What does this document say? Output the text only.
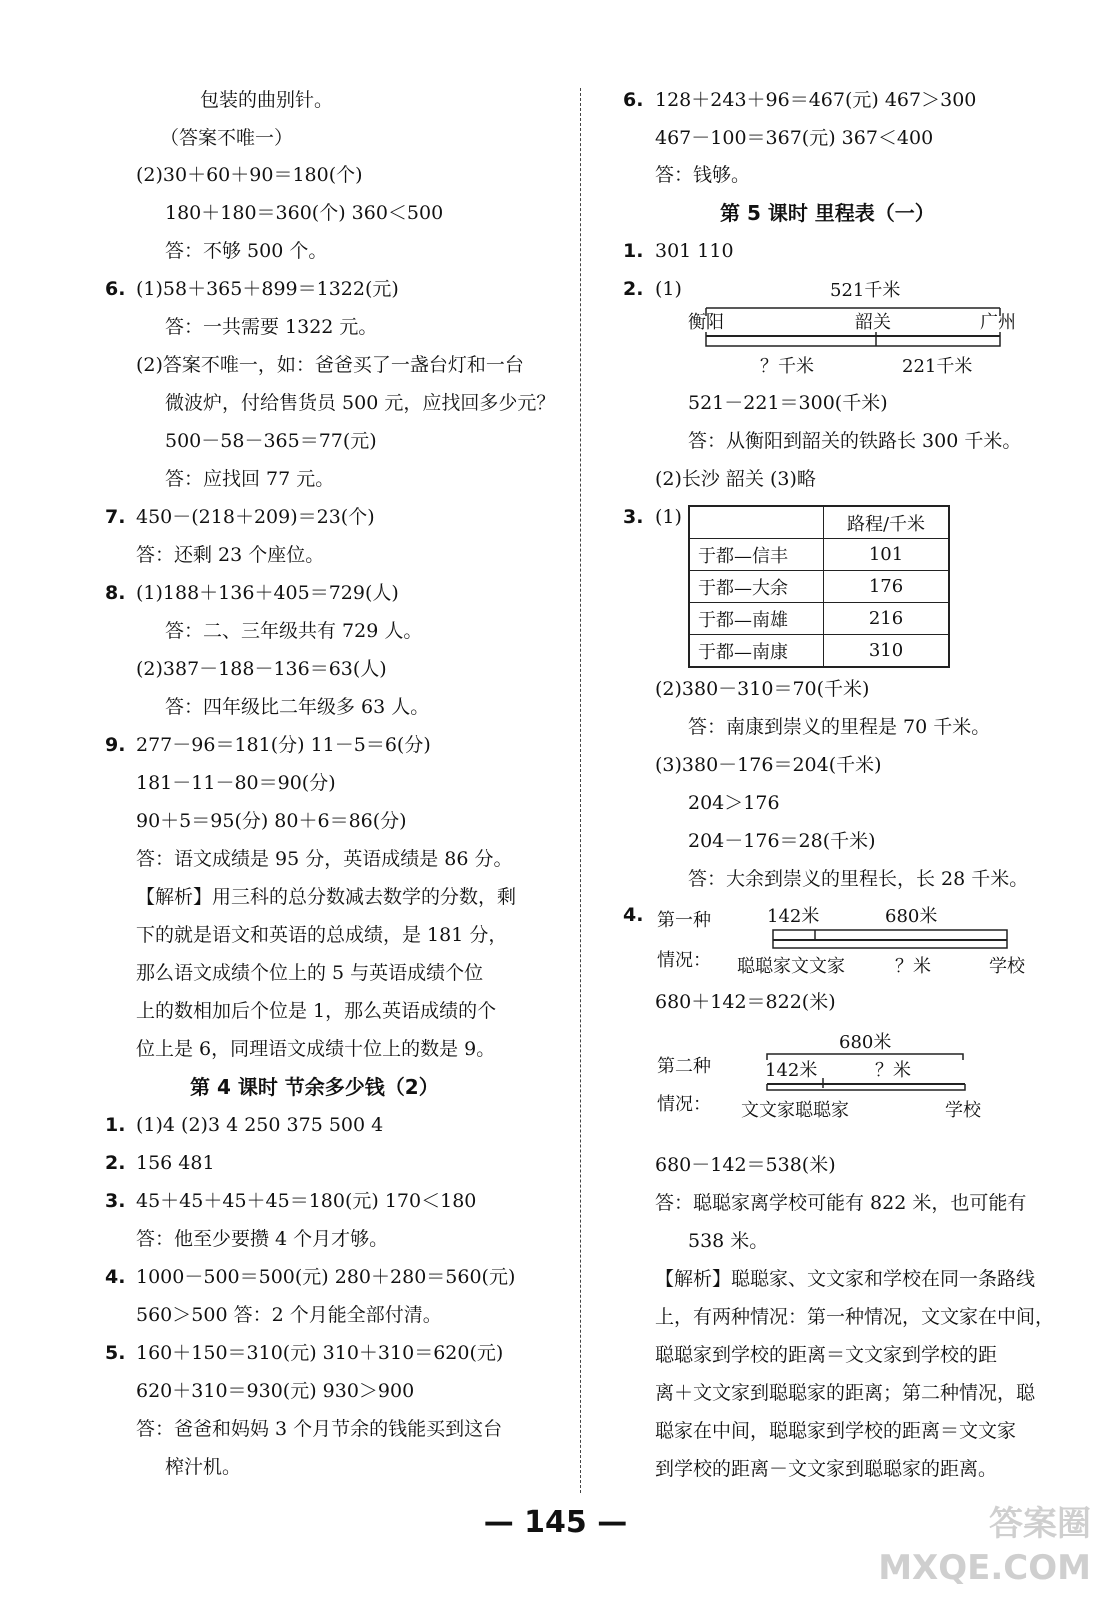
包装的曲别针。
（答案不唯一）
(2)30＋60＋90＝180(个)
180＋180＝360(个) 360＜500
答：不够 500 个。
6. (1)58＋365＋899＝1322(元)
答：一共需要 1322 元。
(2)答案不唯一，如：爸爸买了一盏台灯和一台
微波炉，付给售货员 500 元，应找回多少元？
500－58－365＝77(元)
答：应找回 77 元。
7. 450－(218＋209)＝23(个)
答：还剩 23 个座位。
8. (1)188＋136＋405＝729(人)
答：二、三年级共有 729 人。
(2)387－188－136＝63(人)
答：四年级比二年级多 63 人。
9. 277－96＝181(分) 11－5＝6(分)
181－11－80＝90(分)
90＋5＝95(分) 80＋6＝86(分)
答：语文成绩是 95 分，英语成绩是 86 分。
【解析】用三科的总分数减去数学的分数，剩
下的就是语文和英语的总成绩，是 181 分，
那么语文成绩个位上的 5 与英语成绩个位
上的数相加后个位是 1，那么英语成绩的个
位上是 6，同理语文成绩十位上的数是 9。
第 4 课时 节余多少钱（2）
1. (1)4 (2)3 4 250 375 500 4
2. 156 481
3. 45＋45＋45＋45＝180(元) 170＜180
答：他至少要攒 4 个月才够。
4. 1000－500＝500(元) 280＋280＝560(元)
560＞500 答：2 个月能全部付清。
5. 160＋150＝310(元) 310＋310＝620(元)
620＋310＝930(元) 930＞900
答：爸爸和妈妈 3 个月节余的钱能买到这台
榨汁机。
6. 128＋243＋96＝467(元) 467＞300
467－100＝367(元) 367＜400
答：钱够。
第 5 课时 里程表（一）
1. 301 110
2. (1)
521－221＝300(千米)
答：从衡阳到韶关的铁路长 300 千米。
(2)长沙 韶关 (3)略
3. (1)
(2)380－310＝70(千米)
答：南康到崇义的里程是 70 千米。
(3)380－176＝204(千米)
204＞176
204－176＝28(千米)
答：大余到崇义的里程长，长 28 千米。
4.
680＋142＝822(米)
680－142＝538(米)
答：聪聪家离学校可能有 822 米，也可能有
538 米。
【解析】聪聪家、文文家和学校在同一条路线
上，有两种情况：第一种情况，文文家在中间，
聪聪家到学校的距离＝文文家到学校的距
离＋文文家到聪聪家的距离；第二种情况，聪
聪家在中间，聪聪家到学校的距离＝文文家
到学校的距离－文文家到聪聪家的距离。
521千米
衡阳	韶关	广州
？千米	221千米
	路程/千米
于都—信丰	101
于都—大余	176
于都—南雄	216
于都—南康	310
第一种
情况：
142米	680米
聪聪家文文家	？米	学校
第二种
情况：
680米
142米	？米
文文家聪聪家	学校
— 145 —	答案圈
MXQE.COM
